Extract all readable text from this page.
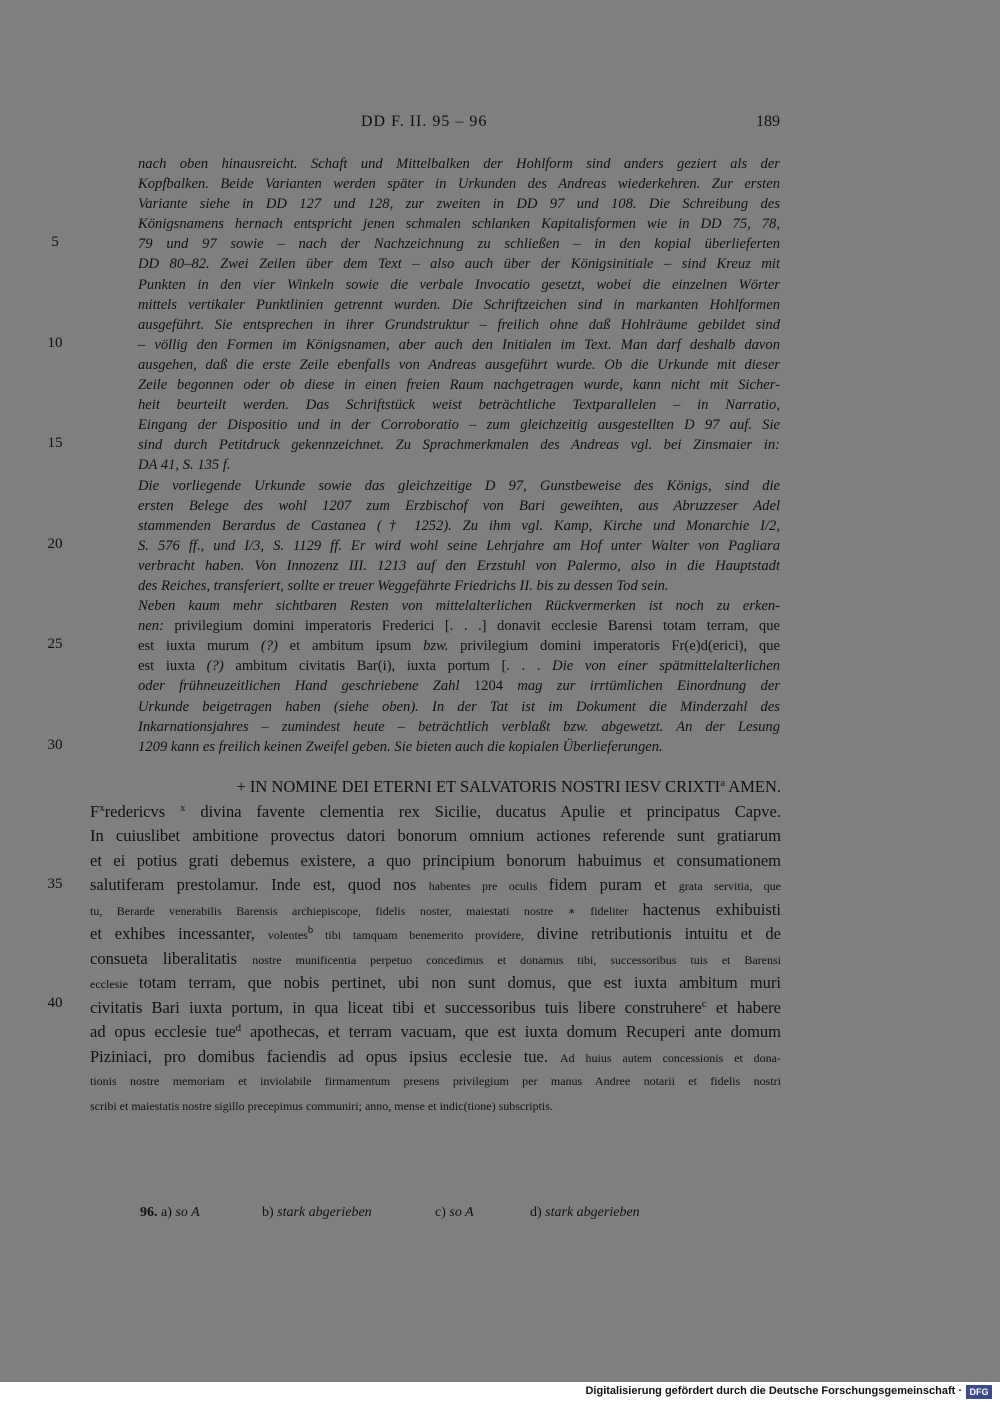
DD F. II. 95 – 96	189
5
10
15
20
25
30
35
40
nach oben hinausreicht. Schaft und Mittelbalken der Hohlform sind anders geziert als der
Kopfbalken. Beide Varianten werden später in Urkunden des Andreas wiederkehren. Zur ersten
Variante siehe in DD 127 und 128, zur zweiten in DD 97 und 108. Die Schreibung des
Königsnamens hernach entspricht jenen schmalen schlanken Kapitalisformen wie in DD 75, 78,
79 und 97 sowie – nach der Nachzeichnung zu schließen – in den kopial überlieferten
DD 80–82. Zwei Zeilen über dem Text – also auch über der Königsinitiale – sind Kreuz mit
Punkten in den vier Winkeln sowie die verbale Invocatio gesetzt, wobei die einzelnen Wörter
mittels vertikaler Punktlinien getrennt wurden. Die Schriftzeichen sind in markanten Hohlformen
ausgeführt. Sie entsprechen in ihrer Grundstruktur – freilich ohne daß Hohlräume gebildet sind
– völlig den Formen im Königsnamen, aber auch den Initialen im Text. Man darf deshalb davon
ausgehen, daß die erste Zeile ebenfalls von Andreas ausgeführt wurde. Ob die Urkunde mit dieser
Zeile begonnen oder ob diese in einen freien Raum nachgetragen wurde, kann nicht mit Sicher-
heit beurteilt werden. Das Schriftstück weist beträchtliche Textparallelen – in Narratio,
Eingang der Dispositio und in der Corroboratio – zum gleichzeitig ausgestellten D 97 auf. Sie
sind durch Petitdruck gekennzeichnet. Zu Sprachmerkmalen des Andreas vgl. bei Zinsmaier in:
DA 41, S. 135 f.
Die vorliegende Urkunde sowie das gleichzeitige D 97, Gunstbeweise des Königs, sind die
ersten Belege des wohl 1207 zum Erzbischof von Bari geweihten, aus Abruzzeser Adel
stammenden Berardus de Castanea († 1252). Zu ihm vgl. Kamp, Kirche und Monarchie I/2,
S. 576 ff., und I/3, S. 1129 ff. Er wird wohl seine Lehrjahre am Hof unter Walter von Pagliara
verbracht haben. Von Innozenz III. 1213 auf den Erzstuhl von Palermo, also in die Hauptstadt
des Reiches, transferiert, sollte er treuer Weggefährte Friedrichs II. bis zu dessen Tod sein.
Neben kaum mehr sichtbaren Resten von mittelalterlichen Rückvermerken ist noch zu erken-
nen: privilegium domini imperatoris Frederici [. . .] donavit ecclesie Barensi totam terram, que
est iuxta murum (?) et ambitum ipsum bzw. privilegium domini imperatoris Fr(e)d(erici), que
est iuxta (?) ambitum civitatis Bar(i), iuxta portum [. . . Die von einer spätmittelalterlichen
oder frühneuzeitlichen Hand geschriebene Zahl 1204 mag zur irrtümlichen Einordnung der
Urkunde beigetragen haben (siehe oben). In der Tat ist im Dokument die Minderzahl des
Inkarnationsjahres – zumindest heute – beträchtlich verblaßt bzw. abgewetzt. An der Lesung
1209 kann es freilich keinen Zweifel geben. Sie bieten auch die kopialen Überlieferungen.
+ IN NOMINE DEI ETERNI ET SALVATORIS NOSTRI IESV CRIXTI$^a$ AMEN.
$F^xredericvs$ $^x$ divina favente clementia rex Sicilie, ducatus Apulie et principatus Capve.
In cuiuslibet ambitione provectus datori bonorum omnium actiones referende sunt gratiarum
et ei potius grati debemus existere, a quo principium bonorum habuimus et consumationem
salutiferam prestolamur. Inde est, quod nos habentes pre oculis fidem puram et grata servitia, que
tu, Berarde venerabilis Barensis archiepiscope, fidelis noster, maiestati nostre ∗ fideliter hactenus exhibuisti
et exhibes incessanter, volentes$^b$ tibi tamquam benemerito providere, divine retributionis intuitu et de
consueta liberalitatis nostre munificentia perpetuo concedimus et donamus tibi, successoribus tuis et Barensi
ecclesie totam terram, que nobis pertinet, ubi non sunt domus, que est iuxta ambitum muri
civitatis Bari iuxta portum, in qua liceat tibi et successoribus tuis libere construhere$^c$ et habere
ad opus ecclesie tue$^d$ apothecas, et terram vacuam, que est iuxta domum Recuperi ante domum
Piziniaci, pro domibus faciendis ad opus ipsius ecclesie tue. Ad huius autem concessionis et dona-
tionis nostre memoriam et inviolabile firmamentum presens privilegium per manus Andree notarii et fidelis nostri
scribi et maiestatis nostre sigillo precepimus communiri; anno, mense et indic(tione) subscriptis.
96. a) so A	b) stark abgerieben	c) so A	d) stark abgerieben
Digitalisierung gefördert durch die Deutsche Forschungsgemeinschaft · DFG
